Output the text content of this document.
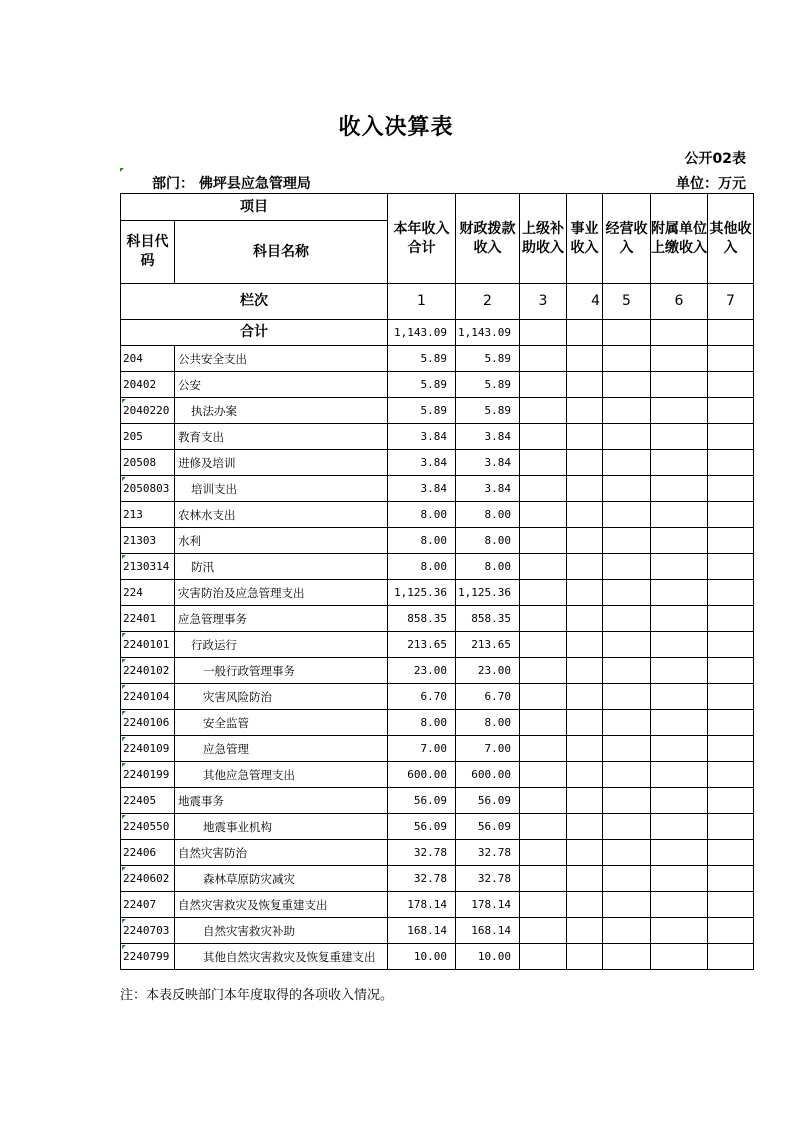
收入决算表
公开02表
部门： 佛坪县应急管理局	单位：万元
项目		本年收入合计	财政拨款收入	上级补助收入	事业收入	经营收入	附属单位上缴收入	其他收入
科目代码	科目名称							
栏次		1	2	3	4	5	6	7
合计		1,143.09	1,143.09					
204	公共安全支出	5.89	5.89					
20402	公安	5.89	5.89					
2040220	执法办案	5.89	5.89					
205	教育支出	3.84	3.84					
20508	进修及培训	3.84	3.84					
2050803	培训支出	3.84	3.84					
213	农林水支出	8.00	8.00					
21303	水利	8.00	8.00					
2130314	防汛	8.00	8.00					
224	灾害防治及应急管理支出	1,125.36	1,125.36					
22401	应急管理事务	858.35	858.35					
2240101	行政运行	213.65	213.65					
2240102	一般行政管理事务	23.00	23.00					
2240104	灾害风险防治	6.70	6.70					
2240106	安全监管	8.00	8.00					
2240109	应急管理	7.00	7.00					
2240199	其他应急管理支出	600.00	600.00					
22405	地震事务	56.09	56.09					
2240550	地震事业机构	56.09	56.09					
22406	自然灾害防治	32.78	32.78					
2240602	森林草原防灾减灾	32.78	32.78					
22407	自然灾害救灾及恢复重建支出	178.14	178.14					
2240703	自然灾害救灾补助	168.14	168.14					
2240799	其他自然灾害救灾及恢复重建支出	10.00	10.00					
注：本表反映部门本年度取得的各项收入情况。
